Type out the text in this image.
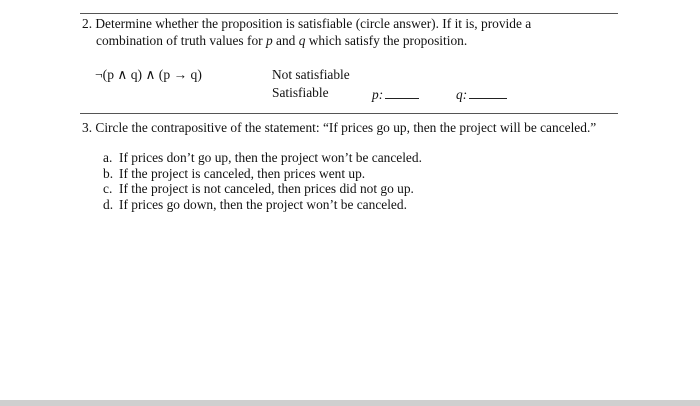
2. Determine whether the proposition is satisfiable (circle answer). If it is, provide a
combination of truth values for p and q which satisfy the proposition.
¬(p ∧ q) ∧ (p → q)	Not satisfiable
Satisfiable	p:	q:
3. Circle the contrapositive of the statement: “If prices go up, then the project will be canceled.”
a. If prices don’t go up, then the project won’t be canceled.
b. If the project is canceled, then prices went up.
c. If the project is not canceled, then prices did not go up.
d. If prices go down, then the project won’t be canceled.
